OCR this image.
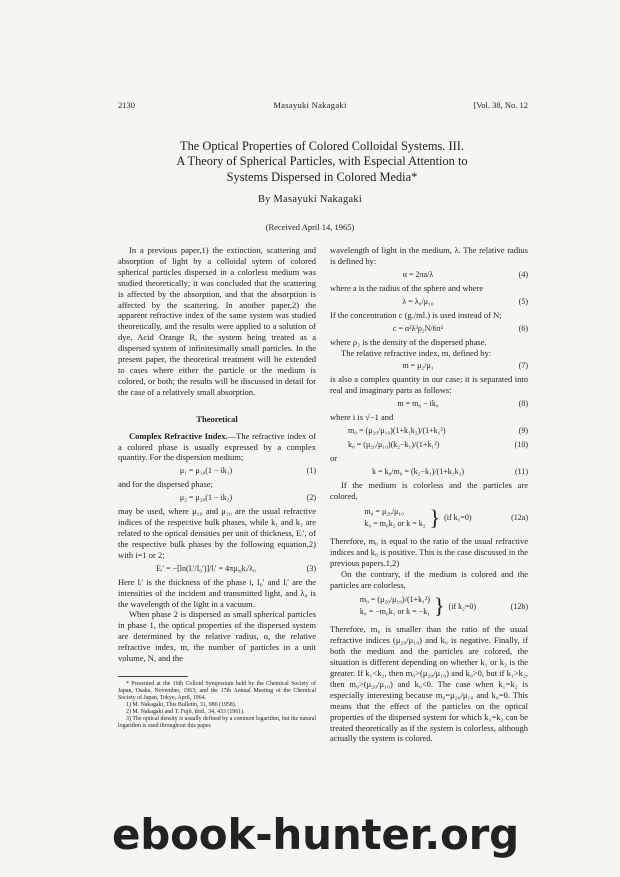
2130	Masayuki Nakagaki	[Vol. 38, No. 12
The Optical Properties of Colored Colloidal Systems. III.
A Theory of Spherical Particles, with Especial Attention to
Systems Dispersed in Colored Media*
By Masayuki Nakagaki
(Received April 14, 1965)

In a previous paper,1) the extinction, scattering and absorption of light by a colloidal sytem of colored spherical particles dispersed in a colorless medium was studied theoretically; it was concluded that the scattering is affected by the absorption, and that the absorption is affected by the scattering. In another paper,2) the apparent refractive index of the same system was studied theoretically, and the results were applied to a solution of dye, Acid Orange R, the system being treated as a dispersed system of infinitesimally small particles. In the present paper, the theoretical treatment will be extended to cases where either the particle or the medium is colored, or both; the results will be discussed in detail for the case of a relatively small absorption.

Theoretical

Complex Refractive Index.—The refractive index of a colored phase is usually expressed by a complex quantity. For the dispersion medium;

μ₁ = μ₁₀(1 − ik₁)	(1)

and for the dispersed phase;

μ₂ = μ₂₀(1 − ik₂)	(2)

may be used, where μ₁₀ and μ₂₀ are the usual refractive indices of the respective bulk phases, while k₁ and k₂ are related to the optical densities per unit of thickness, Eᵢ′, of the respective bulk phases by the following equation,2) with i=1 or 2;

Eᵢ′ = −[ln(Iᵢ′/I₀′)]/lᵢ′ = 4πμᵢ₀kᵢ/λ₀	(3)

Here lᵢ′ is the thickness of the phase i, I₀′ and Iᵢ′ are the intensities of the incident and transmitted light, and λ₀ is the wavelength of the light in a vacuum.

When phase 2 is dispersed as small spherical particles in phase 1, the optical properties of the dispersed system are determined by the relative radius, α, the relative refractive index, m, the number of particles in a unit volume, N, and the

* Presented at the 16th Colloid Symposium held by the Chemical Society of Japan, Osaka, November, 1963; and the 17th Annual Meeting of the Chemical Society of Japan, Tokyo, April, 1964.

1) M. Nakagaki, This Bulletin, 31, 980 (1958).

2) M. Nakagaki and T. Fujii, ibid., 34, 433 (1961).

3) The optical density is usually defined by a common logarithm, but the natural logarithm is used throughout this paper.

wavelength of light in the medium, λ. The relative radius is defined by:

α = 2πa/λ	(4)

where a is the radius of the sphere and where

λ = λ₀/μ₁₀	(5)

If the concentration c (g./ml.) is used instead of N;

c = α³λ³ρ₂N/6π²	(6)

where ρ₂ is the density of the dispersed phase.

The relative refractive index, m, defined by:

m = μ₂/μ₁	(7)

is also a complex quantity in our case; it is separated into real and imaginary parts as follows:

m = m₀ − ik₀	(8)

where i is √−1 and

m₀ = (μ₂₀/μ₁₀)(1+k₁k₂)/(1+k₁²)	(9)
k₀ = (μ₂₀/μ₁₀)(k₂−k₁)/(1+k₁²)	(10)

or

k = k₀/m₀ = (k₂−k₁)/(1+k₁k₂)	(11)

If the medium is colorless and the particles are colored,

m₀ = μ₂₀/μ₁₀
k₀ = m₀k₂ or k = k₂ } (if k₁=0)	(12a)

Therefore, m₀ is equal to the ratio of the usual refractive indices and k₀ is positive. This is the case discussed in the previous papers.1,2)

On the contrary, if the medium is colored and the particles are colorless,

m₀ = (μ₂₀/μ₁₀)/(1+k₁²)
k₀ = −m₀k₁ or k = −k₁ } (if k₂=0)	(12b)

Therefore, m₀ is smaller than the ratio of the usual refractive indices (μ₂₀/μ₁₀) and k₀ is negative. Finally, if both the medium and the particles are colored, the situation is different depending on whether k₁ or k₂ is the greater. If k₁<k₂, then m₀>(μ₂₀/μ₁₀) and k₀>0, but if k₁>k₂, then m₀>(μ₂₀/μ₁₀) and k₀<0. The case when k₁=k₂ is especially interesting because m₀=μ₂₀/μ₁₀ and k₀=0. This means that the effect of the particles on the optical properties of the dispersed system for which k₁=k₂ can be treated theoretically as if the system is colorless, although actually the system is colored.

ebook-hunter.org
